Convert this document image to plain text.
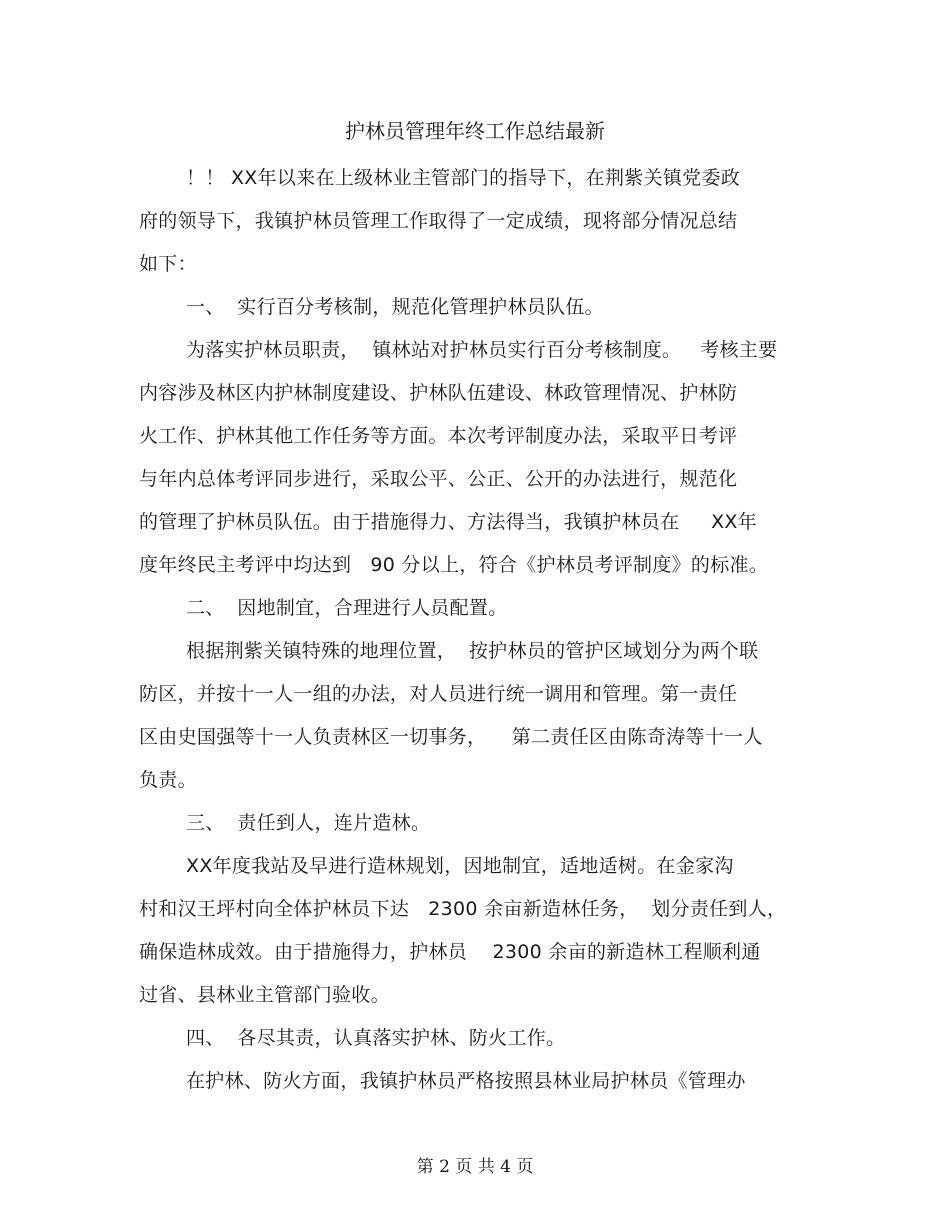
护林员管理年终工作总结最新
！！ XX年以来在上级林业主管部门的指导下，在荆紫关镇党委政
府的领导下，我镇护林员管理工作取得了一定成绩，现将部分情况总结
如下：
一、  实行百分考核制，规范化管理护林员队伍。
为落实护林员职责，  镇林站对护林员实行百分考核制度。   考核主要
内容涉及林区内护林制度建设、护林队伍建设、林政管理情况、护林防
火工作、护林其他工作任务等方面。本次考评制度办法，采取平日考评
与年内总体考评同步进行，采取公平、公正、公开的办法进行，规范化
的管理了护林员队伍。由于措施得力、方法得当，我镇护林员在     XX年
度年终民主考评中均达到   90 分以上，符合《护林员考评制度》的标准。
二、  因地制宜，合理进行人员配置。
根据荆紫关镇特殊的地理位置，  按护林员的管护区域划分为两个联
防区，并按十一人一组的办法，对人员进行统一调用和管理。第一责任
区由史国强等十一人负责林区一切事务，    第二责任区由陈奇涛等十一人
负责。
三、  责任到人，连片造林。
XX年度我站及早进行造林规划，因地制宜，适地适树。在金家沟
村和汉王坪村向全体护林员下达   2300 余亩新造林任务，  划分责任到人，
确保造林成效。由于措施得力，护林员    2300 余亩的新造林工程顺利通
过省、县林业主管部门验收。
四、  各尽其责，认真落实护林、防火工作。
在护林、防火方面，我镇护林员严格按照县林业局护林员《管理办
第 2 页 共 4 页
